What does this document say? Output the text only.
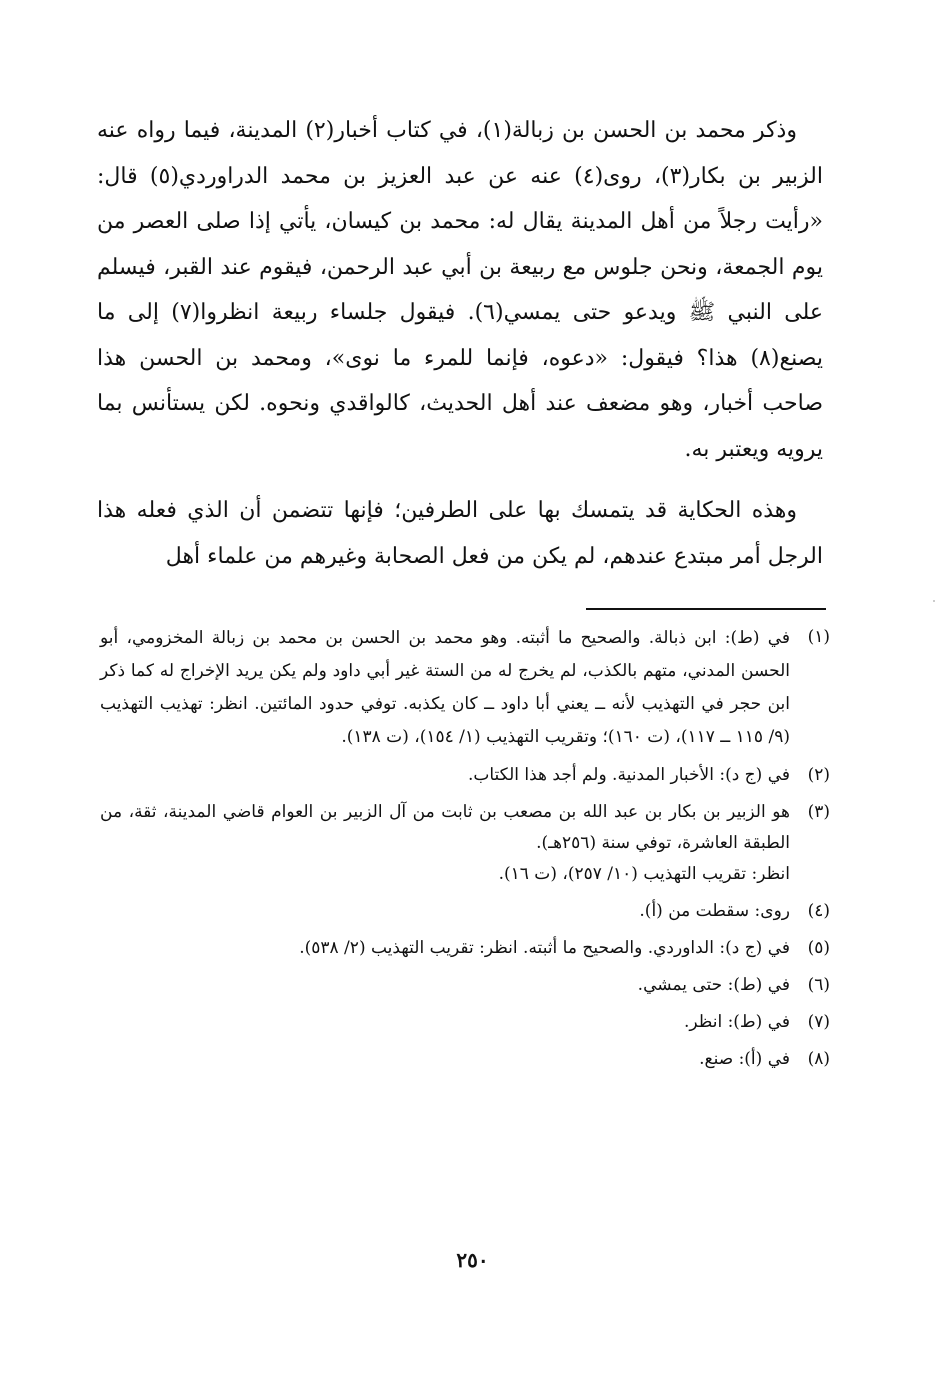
وذكر محمد بن الحسن بن زبالة(١)، في كتاب أخبار(٢) المدينة، فيما رواه عنه الزبير بن بكار(٣)، روى(٤) عنه عن عبد العزيز بن محمد الدراوردي(٥) قال: «رأيت رجلاً من أهل المدينة يقال له: محمد بن كيسان، يأتي إذا صلى العصر من يوم الجمعة، ونحن جلوس مع ربيعة بن أبي عبد الرحمن، فيقوم عند القبر، فيسلم على النبي ﷺ ويدعو حتى يمسي(٦). فيقول جلساء ربيعة انظروا(٧) إلى ما يصنع(٨) هذا؟ فيقول: «دعوه، فإنما للمرء ما نوى»، ومحمد بن الحسن هذا صاحب أخبار، وهو مضعف عند أهل الحديث، كالواقدي ونحوه. لكن يستأنس بما يرويه ويعتبر به.

وهذه الحكاية قد يتمسك بها على الطرفين؛ فإنها تتضمن أن الذي فعله هذا الرجل أمر مبتدع عندهم، لم يكن من فعل الصحابة وغيرهم من علماء أهل

(١)
في (ط): ابن ذبالة. والصحيح ما أثبته. وهو محمد بن الحسن بن محمد بن زبالة المخزومي، أبو الحسن المدني، متهم بالكذب، لم يخرج له من الستة غير أبي داود ولم يكن يريد الإخراج له كما ذكر ابن حجر في التهذيب لأنه ــ يعني أبا داود ــ كان يكذبه. توفي حدود المائتين. انظر: تهذيب التهذيب (٩/ ١١٥ ــ ١١٧)، (ت ١٦٠)؛ وتقريب التهذيب (١/ ١٥٤)، (ت ١٣٨).
(٢)
في (ج د): الأخبار المدنية. ولم أجد هذا الكتاب.
(٣)
هو الزبير بن بكار بن عبد الله بن مصعب بن ثابت من آل الزبير بن العوام قاضي المدينة، ثقة، من الطبقة العاشرة، توفي سنة (٢٥٦هـ).
انظر: تقريب التهذيب (١٠/ ٢٥٧)، (ت ١٦).
(٤)
روى: سقطت من (أ).
(٥)
في (ج د): الداوردي. والصحيح ما أثبته. انظر: تقريب التهذيب (٢/ ٥٣٨).
(٦)
في (ط): حتى يمشي.
(٧)
في (ط): انظر.
(٨)
في (أ): صنع.
٢٥٠
